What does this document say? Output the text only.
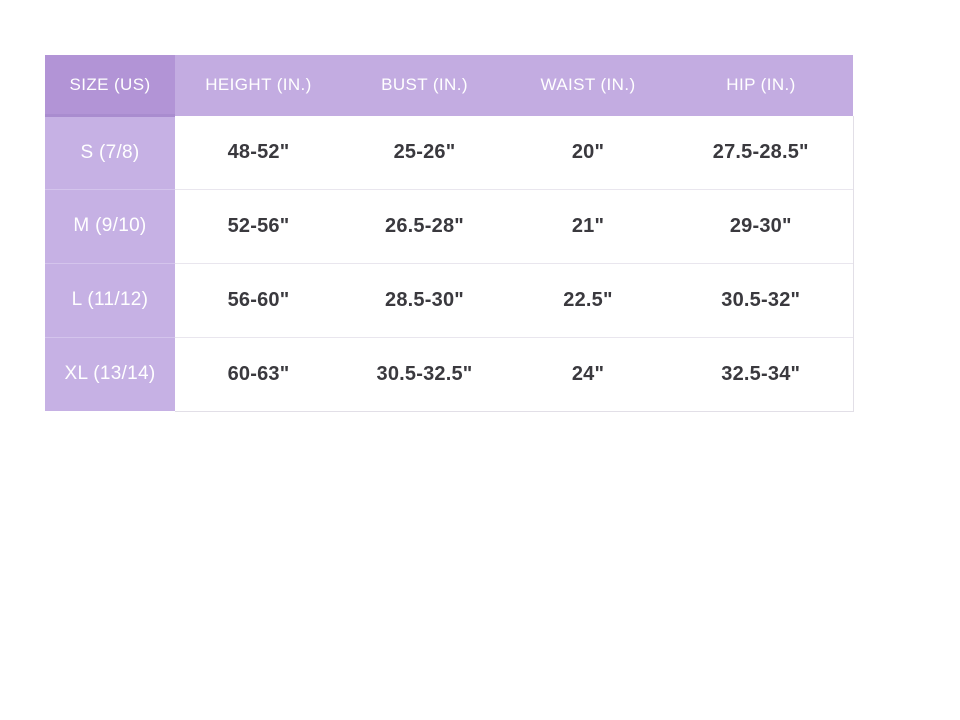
SIZE (US)	HEIGHT (IN.)	BUST (IN.)	WAIST (IN.)	HIP (IN.)
S (7/8)	48-52"	25-26"	20"	27.5-28.5"
M (9/10)	52-56"	26.5-28"	21"	29-30"
L (11/12)	56-60"	28.5-30"	22.5"	30.5-32"
XL (13/14)	60-63"	30.5-32.5"	24"	32.5-34"
